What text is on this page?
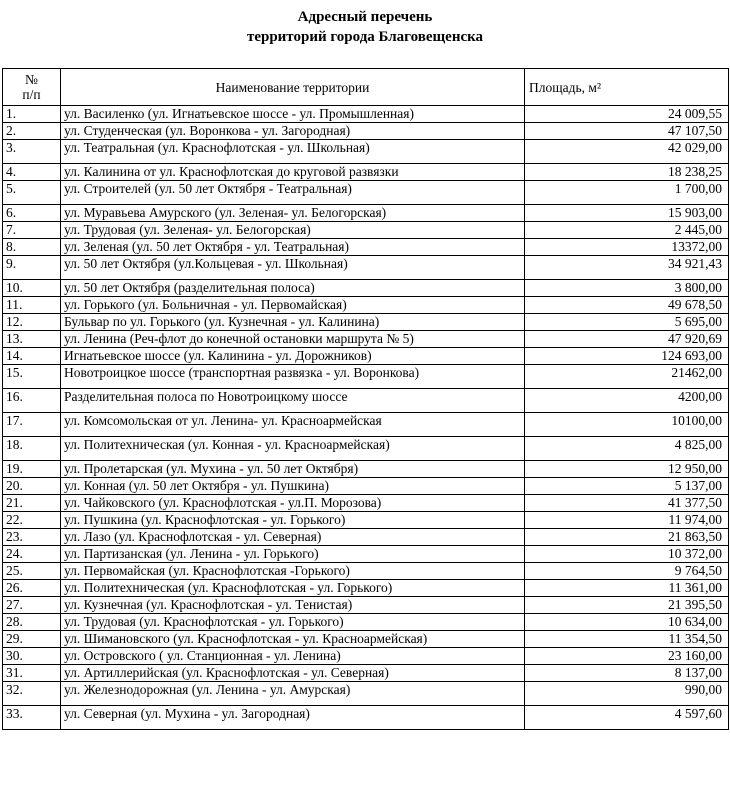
Адресный перечень
территорий города Благовещенска
№
п/п	Наименование территории	Площадь, м²
1.	ул. Василенко (ул. Игнатьевское шоссе - ул. Промышленная)	24 009,55
2.	ул. Студенческая (ул. Воронкова - ул. Загородная)	47 107,50
3.	ул. Театральная (ул. Краснофлотская - ул. Школьная)	42 029,00
4.	ул. Калинина от ул. Краснофлотская до круговой развязки	18 238,25
5.	ул. Строителей (ул. 50 лет Октября - Театральная)	1 700,00
6.	ул. Муравьева Амурского (ул. Зеленая- ул. Белогорская)	15 903,00
7.	ул. Трудовая (ул. Зеленая- ул. Белогорская)	2 445,00
8.	ул. Зеленая (ул. 50 лет Октября - ул. Театральная)	13372,00
9.	ул. 50 лет Октября (ул.Кольцевая - ул. Школьная)	34 921,43
10.	ул. 50 лет Октября (разделительная полоса)	3 800,00
11.	ул. Горького (ул. Больничная - ул. Первомайская)	49 678,50
12.	Бульвар по ул. Горького (ул. Кузнечная - ул. Калинина)	5 695,00
13.	ул. Ленина (Реч-флот до конечной остановки маршрута № 5)	47 920,69
14.	Игнатьевское шоссе (ул. Калинина - ул. Дорожников)	124 693,00
15.	Новотроицкое шоссе (транспортная развязка - ул. Воронкова)	21462,00
16.	Разделительная полоса по Новотроицкому шоссе	4200,00
17.	ул. Комсомольская от ул. Ленина- ул. Красноармейская	10100,00
18.	ул. Политехническая (ул. Конная - ул. Красноармейская)	4 825,00
19.	ул. Пролетарская (ул. Мухина - ул. 50 лет Октября)	12 950,00
20.	ул. Конная (ул. 50 лет Октября - ул. Пушкина)	5 137,00
21.	ул. Чайковского (ул. Краснофлотская - ул.П. Морозова)	41 377,50
22.	ул. Пушкина (ул. Краснофлотская - ул. Горького)	11 974,00
23.	ул. Лазо (ул. Краснофлотская - ул. Северная)	21 863,50
24.	ул. Партизанская (ул. Ленина - ул. Горького)	10 372,00
25.	ул. Первомайская (ул. Краснофлотская -Горького)	9 764,50
26.	ул. Политехническая (ул. Краснофлотская - ул. Горького)	11 361,00
27.	ул. Кузнечная (ул. Краснофлотская - ул. Тенистая)	21 395,50
28.	ул. Трудовая (ул. Краснофлотская - ул. Горького)	10 634,00
29.	ул. Шимановского (ул. Краснофлотская - ул. Красноармейская)	11 354,50
30.	ул. Островского ( ул. Станционная - ул. Ленина)	23 160,00
31.	ул. Артиллерийская (ул. Краснофлотская - ул. Северная)	8 137,00
32.	ул. Железнодорожная (ул. Ленина - ул. Амурская)	990,00
33.	ул. Северная (ул. Мухина - ул. Загородная)	4 597,60
